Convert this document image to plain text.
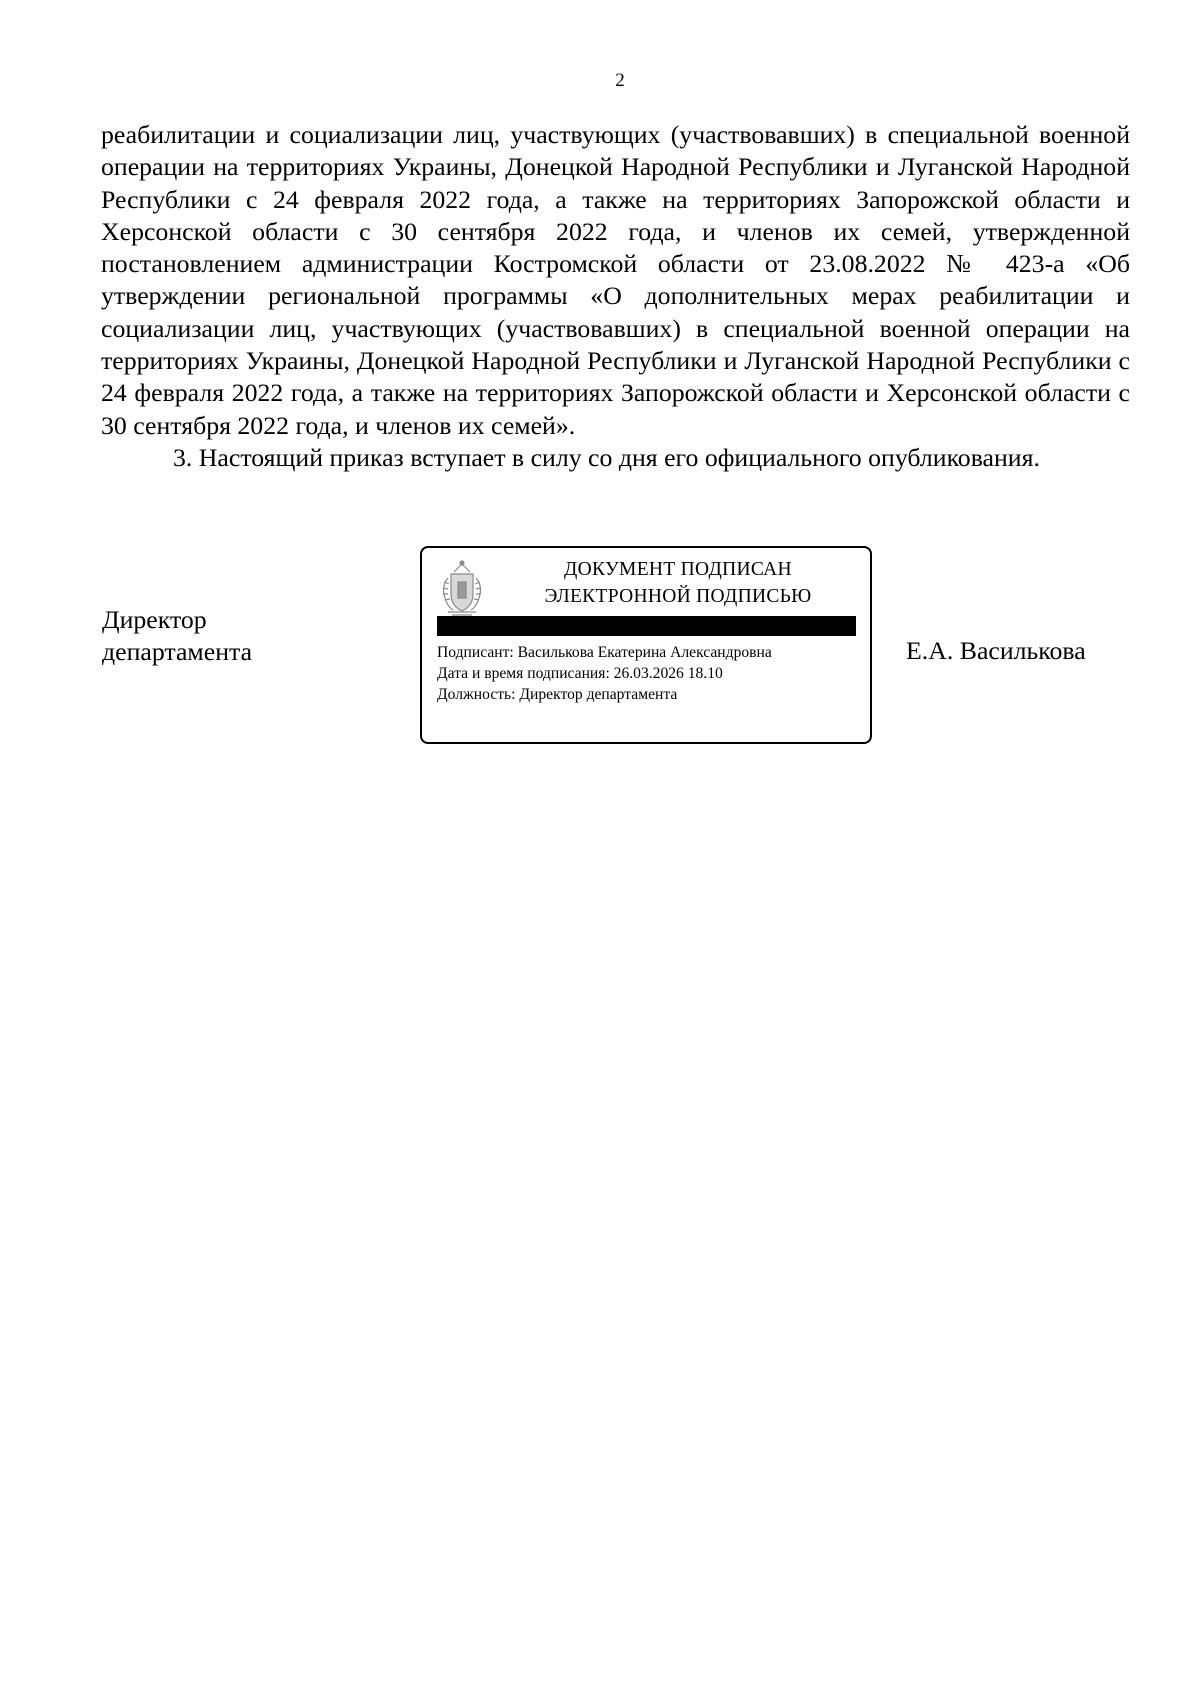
2

реабилитации и социализации лиц, участвующих (участвовавших) в специальной военной операции на территориях Украины, Донецкой Народной Республики и Луганской Народной Республики с 24 февраля 2022 года, а также на территориях Запорожской области и Херсонской области с 30 сентября 2022 года, и членов их семей, утвержденной постановлением администрации Костромской области от 23.08.2022 № 423-а «Об утверждении региональной программы «О дополнительных мерах реабилитации и социализации лиц, участвующих (участвовавших) в специальной военной операции на территориях Украины, Донецкой Народной Республики и Луганской Народной Республики с 24 февраля 2022 года, а также на территориях Запорожской области и Херсонской области с 30 сентября 2022 года, и членов их семей».

3. Настоящий приказ вступает в силу со дня его официального опубликования.

Директор
департамента	Е.А. Василькова
ДОКУМЕНТ ПОДПИСАН
ЭЛЕКТРОННОЙ ПОДПИСЬЮ
Подписант: Василькова Екатерина Александровна
Дата и время подписания: 26.03.2026 18.10
Должность: Директор департамента
